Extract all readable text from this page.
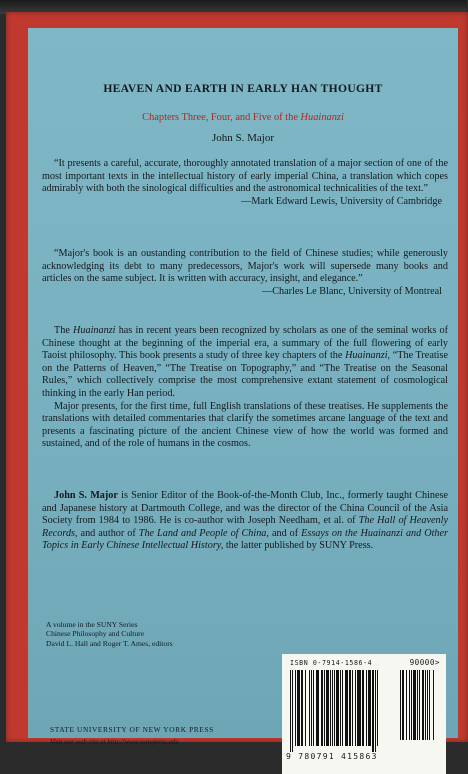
HEAVEN AND EARTH IN EARLY HAN THOUGHT
Chapters Three, Four, and Five of the Huainanzi
John S. Major

“It presents a careful, accurate, thoroughly annotated translation of a major section of one of the most important texts in the intellectual history of early imperial China, a translation which copes admirably with both the sinological difficulties and the astronomical technicalities of the text.”

—Mark Edward Lewis, University of Cambridge

“Major's book is an oustanding contribution to the field of Chinese studies; while generously acknowledging its debt to many predecessors, Major's work will supersede many books and articles on the same subject. It is written with accuracy, insight, and elegance.”

—Charles Le Blanc, University of Montreal

The Huainanzi has in recent years been recognized by scholars as one of the seminal works of Chinese thought at the beginning of the imperial era, a summary of the full flowering of early Taoist philosophy. This book presents a study of three key chapters of the Huainanzi, “The Treatise on the Patterns of Heaven,” “The Treatise on Topography,” and “The Treatise on the Seasonal Rules,” which collectively comprise the most comprehensive extant statement of cosmological thinking in the early Han period.

Major presents, for the first time, full English translations of these treatises. He supplements the translations with detailed commentaries that clarify the sometimes arcane language of the text and presents a fascinating picture of the ancient Chinese view of how the world was formed and sustained, and of the role of humans in the cosmos.

John S. Major is Senior Editor of the Book-of-the-Month Club, Inc., formerly taught Chinese and Japanese history at Dartmouth College, and was the director of the China Council of the Asia Society from 1984 to 1986. He is co-author with Joseph Needham, et al. of The Hall of Heavenly Records, and author of The Land and People of China, and of Essays on the Huainanzi and Other Topics in Early Chinese Intellectual History, the latter published by SUNY Press.

A volume in the SUNY Series
Chinese Philosophy and Culture
David L. Hall and Roger T. Ames, editors
STATE UNIVERSITY OF NEW YORK PRESS
Visit our web site at http://www.sunypress.edu
ISBN 0-7914-1586-4	90000>
9 780791 415863
